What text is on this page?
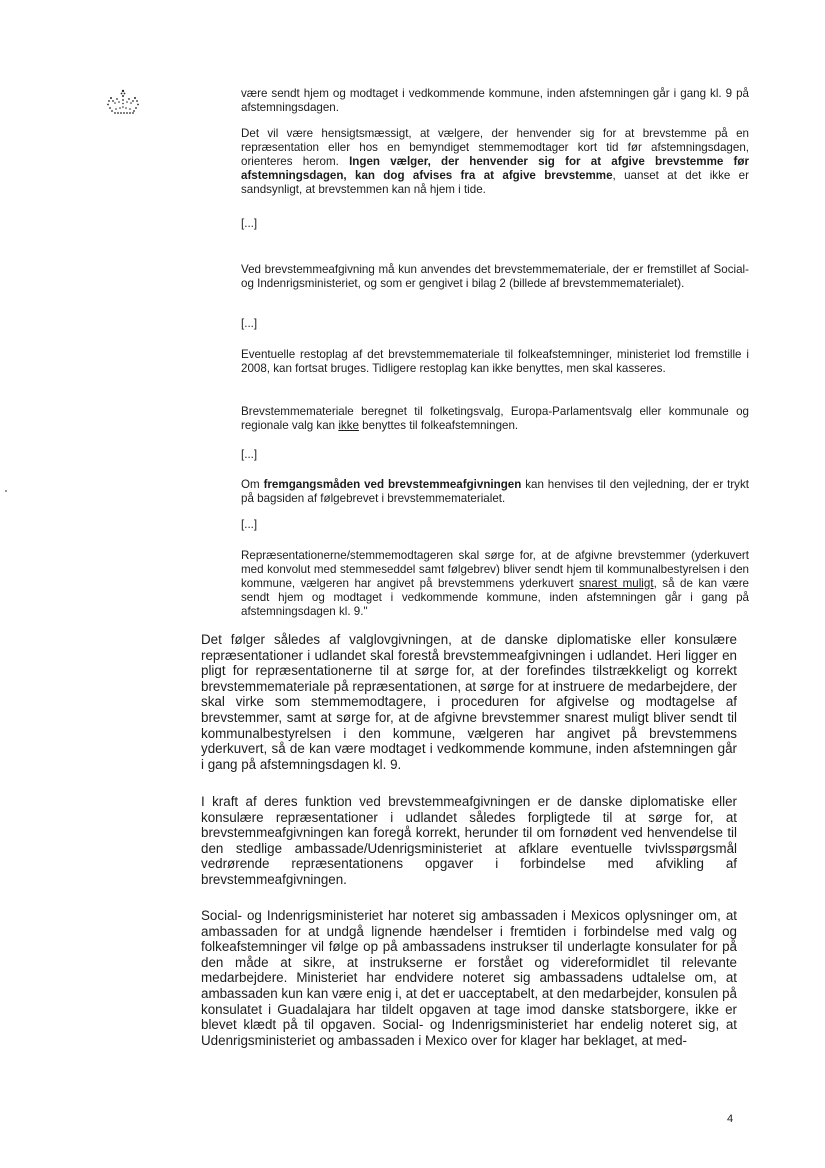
være sendt hjem og modtaget i vedkommende kommune, inden afstemningen går i gang kl. 9 på afstemningsdagen.
Det vil være hensigtsmæssigt, at vælgere, der henvender sig for at brevstemme på en repræsentation eller hos en bemyndiget stemmemodtager kort tid før afstemningsdagen, orienteres herom. Ingen vælger, der henvender sig for at afgive brevstemme før afstemningsdagen, kan dog afvises fra at afgive brevstemme, uanset at det ikke er sandsynligt, at brevstemmen kan nå hjem i tide.
[...]
Ved brevstemmeafgivning må kun anvendes det brevstemmemateriale, der er fremstillet af Social- og Indenrigsministeriet, og som er gengivet i bilag 2 (billede af brevstemmematerialet).
[...]
Eventuelle restoplag af det brevstemmemateriale til folkeafstemninger, ministeriet lod fremstille i 2008, kan fortsat bruges. Tidligere restoplag kan ikke benyttes, men skal kasseres.
Brevstemmemateriale beregnet til folketingsvalg, Europa-Parlamentsvalg eller kommunale og regionale valg kan ikke benyttes til folkeafstemningen.
[...]
Om fremgangsmåden ved brevstemmeafgivningen kan henvises til den vejledning, der er trykt på bagsiden af følgebrevet i brevstemmematerialet.
[...]
Repræsentationerne/stemmemodtageren skal sørge for, at de afgivne brevstemmer (yderkuvert med konvolut med stemmeseddel samt følgebrev) bliver sendt hjem til kommunalbestyrelsen i den kommune, vælgeren har angivet på brevstemmens yderkuvert snarest muligt, så de kan være sendt hjem og modtaget i vedkommende kommune, inden afstemningen går i gang på afstemningsdagen kl. 9."
Det følger således af valglovgivningen, at de danske diplomatiske eller konsulære repræsentationer i udlandet skal forestå brevstemmeafgivningen i udlandet. Heri ligger en pligt for repræsentationerne til at sørge for, at der forefindes tilstrækkeligt og korrekt brevstemmemateriale på repræsentationen, at sørge for at instruere de medarbejdere, der skal virke som stemmemodtagere, i proceduren for afgivelse og modtagelse af brevstemmer, samt at sørge for, at de afgivne brevstemmer snarest muligt bliver sendt til kommunalbestyrelsen i den kommune, vælgeren har angivet på brevstemmens yderkuvert, så de kan være modtaget i vedkommende kommune, inden afstemningen går i gang på afstemningsdagen kl. 9.
I kraft af deres funktion ved brevstemmeafgivningen er de danske diplomatiske eller konsulære repræsentationer i udlandet således forpligtede til at sørge for, at brevstemmeafgivningen kan foregå korrekt, herunder til om fornødent ved henvendelse til den stedlige ambassade/Udenrigsministeriet at afklare eventuelle tvivlsspørgsmål vedrørende repræsentationens opgaver i forbindelse med afvikling af brevstemmeafgivningen.
Social- og Indenrigsministeriet har noteret sig ambassaden i Mexicos oplysninger om, at ambassaden for at undgå lignende hændelser i fremtiden i forbindelse med valg og folkeafstemninger vil følge op på ambassadens instrukser til underlagte konsulater for på den måde at sikre, at instrukserne er forstået og videreformidlet til relevante medarbejdere. Ministeriet har endvidere noteret sig ambassadens udtalelse om, at ambassaden kun kan være enig i, at det er uacceptabelt, at den medarbejder, konsulen på konsulatet i Guadalajara har tildelt opgaven at tage imod danske statsborgere, ikke er blevet klædt på til opgaven. Social- og Indenrigsministeriet har endelig noteret sig, at Udenrigsministeriet og ambassaden i Mexico over for klager har beklaget, at med-
4
